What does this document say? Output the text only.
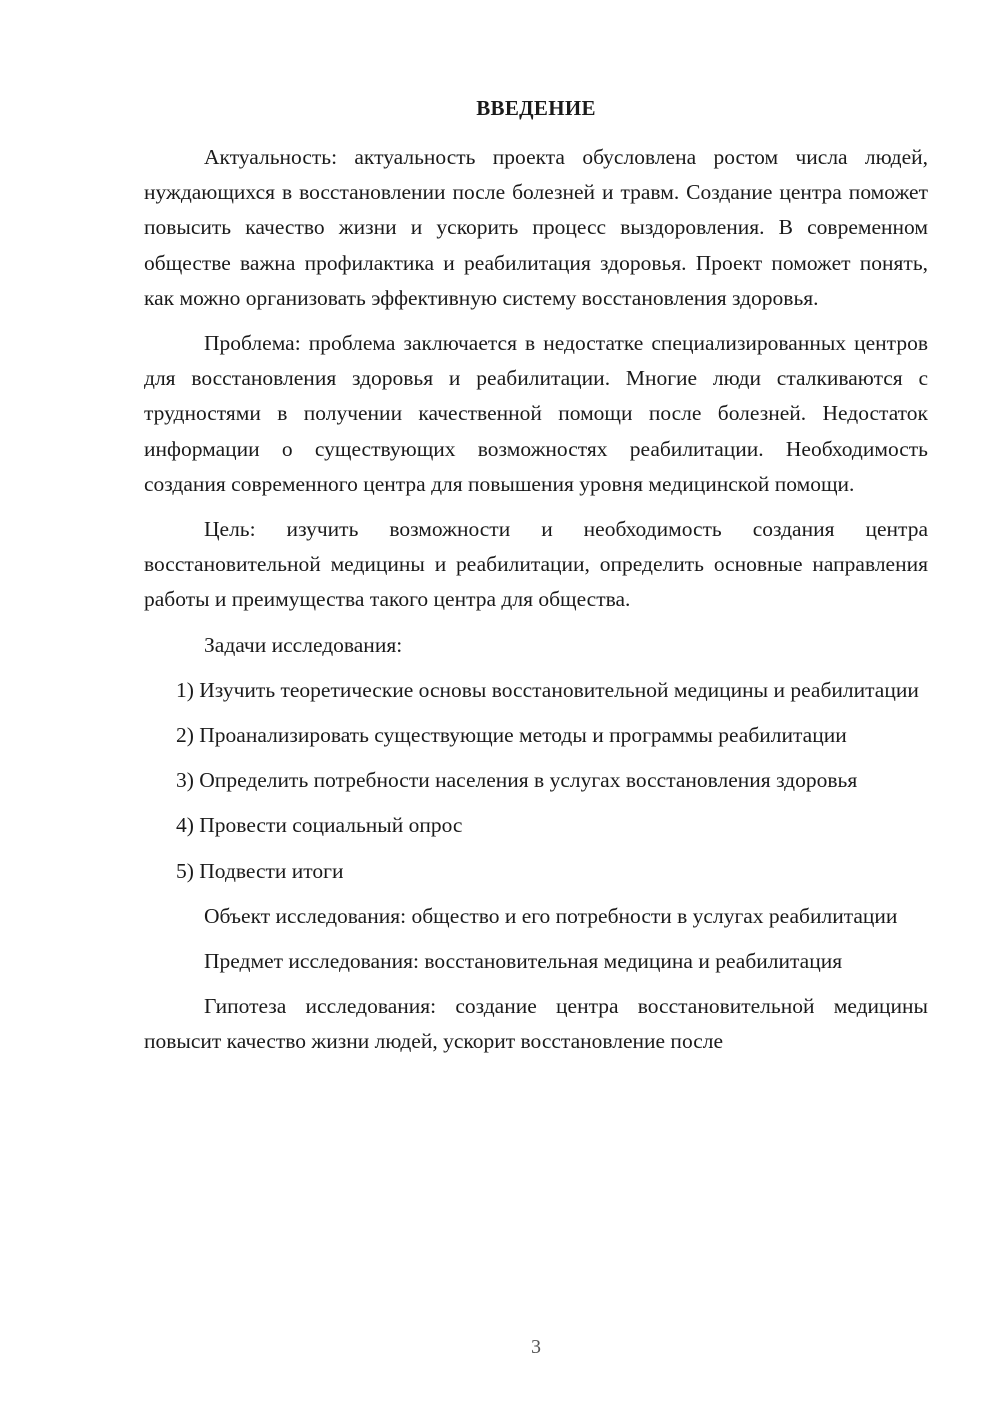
ВВЕДЕНИЕ

Актуальность: актуальность проекта обусловлена ростом числа людей, нуждающихся в восстановлении после болезней и травм. Создание центра поможет повысить качество жизни и ускорить процесс выздоровления. В современном обществе важна профилактика и реабилитация здоровья. Проект поможет понять, как можно организовать эффективную систему восстановления здоровья.

Проблема: проблема заключается в недостатке специализированных центров для восстановления здоровья и реабилитации. Многие люди сталкиваются с трудностями в получении качественной помощи после болезней. Недостаток информации о существующих возможностях реабилитации. Необходимость создания современного центра для повышения уровня медицинской помощи.

Цель: изучить возможности и необходимость создания центра восстановительной медицины и реабилитации, определить основные направления работы и преимущества такого центра для общества.

Задачи исследования:

1) Изучить теоретические основы восстановительной медицины и реабилитации

2) Проанализировать существующие методы и программы реабилитации

3) Определить потребности населения в услугах восстановления здоровья

4) Провести социальный опрос

5) Подвести итоги

Объект исследования: общество и его потребности в услугах реабилитации

Предмет исследования: восстановительная медицина и реабилитация

Гипотеза исследования: создание центра восстановительной медицины повысит качество жизни людей, ускорит восстановление после

3
